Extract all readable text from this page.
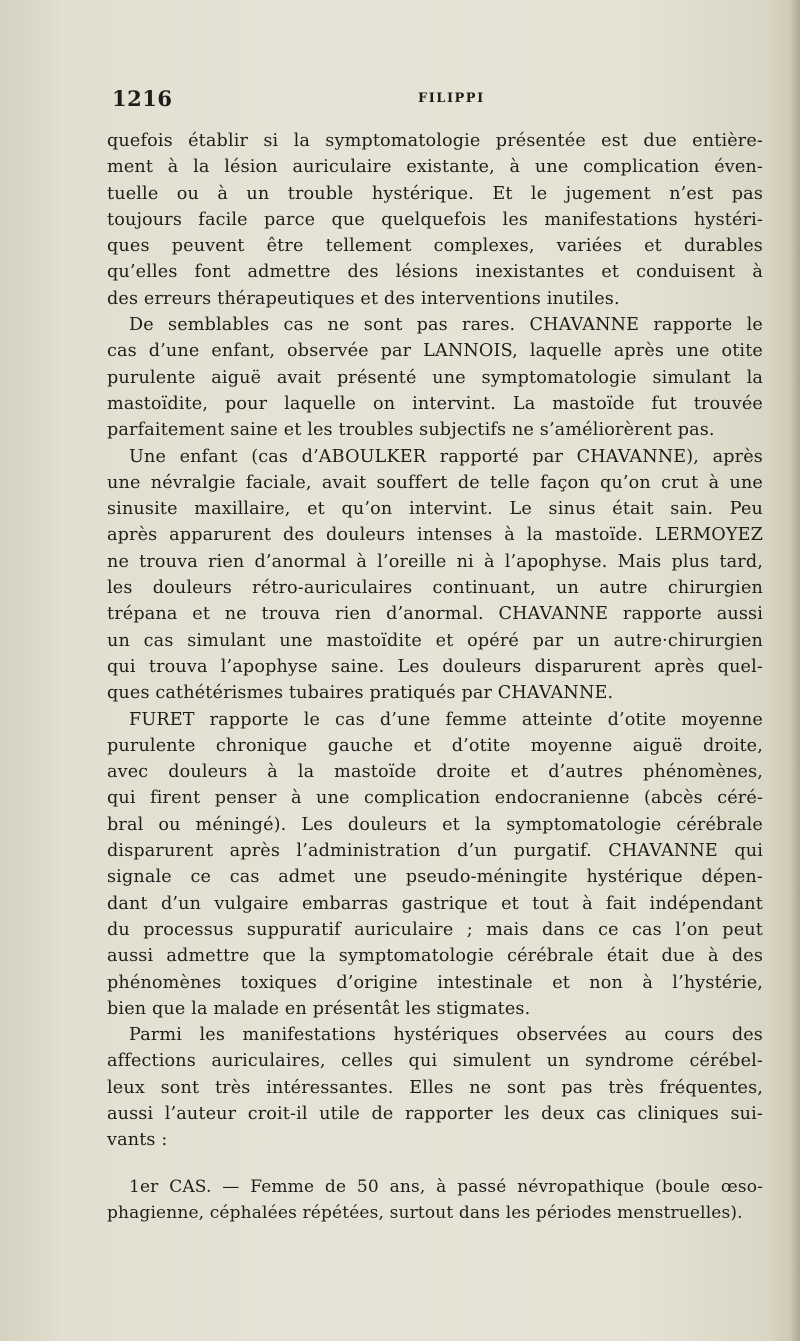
1216	FILIPPI
quefois établir si la symptomatologie présentée est due entière-
ment à la lésion auriculaire existante, à une complication éven-
tuelle ou à un trouble hystérique. Et le jugement n’est pas
toujours facile parce que quelquefois les manifestations hystéri-
ques peuvent être tellement complexes, variées et durables
qu’elles font admettre des lésions inexistantes et conduisent à
des erreurs thérapeutiques et des interventions inutiles.
De semblables cas ne sont pas rares. CHAVANNE rapporte le
cas d’une enfant, observée par LANNOIS, laquelle après une otite
purulente aiguë avait présenté une symptomatologie simulant la
mastoïdite, pour laquelle on intervint. La mastoïde fut trouvée
parfaitement saine et les troubles subjectifs ne s’améliorèrent pas.
Une enfant (cas d’ABOULKER rapporté par CHAVANNE), après
une névralgie faciale, avait souffert de telle façon qu’on crut à une
sinusite maxillaire, et qu’on intervint. Le sinus était sain. Peu
après apparurent des douleurs intenses à la mastoïde. LERMOYEZ
ne trouva rien d’anormal à l’oreille ni à l’apophyse. Mais plus tard,
les douleurs rétro-auriculaires continuant, un autre chirurgien
trépana et ne trouva rien d’anormal. CHAVANNE rapporte aussi
un cas simulant une mastoïdite et opéré par un autre·chirurgien
qui trouva l’apophyse saine. Les douleurs disparurent après quel-
ques cathétérismes tubaires pratiqués par CHAVANNE.
FURET rapporte le cas d’une femme atteinte d’otite moyenne
purulente chronique gauche et d’otite moyenne aiguë droite,
avec douleurs à la mastoïde droite et d’autres phénomènes,
qui firent penser à une complication endocranienne (abcès céré-
bral ou méningé). Les douleurs et la symptomatologie cérébrale
disparurent après l’administration d’un purgatif. CHAVANNE qui
signale ce cas admet une pseudo-méningite hystérique dépen-
dant d’un vulgaire embarras gastrique et tout à fait indépendant
du processus suppuratif auriculaire ; mais dans ce cas l’on peut
aussi admettre que la symptomatologie cérébrale était due à des
phénomènes toxiques d’origine intestinale et non à l’hystérie,
bien que la malade en présentât les stigmates.
Parmi les manifestations hystériques observées au cours des
affections auriculaires, celles qui simulent un syndrome cérébel-
leux sont très intéressantes. Elles ne sont pas très fréquentes,
aussi l’auteur croit-il utile de rapporter les deux cas cliniques sui-
vants :
1er CAS. — Femme de 50 ans, à passé névropathique (boule œso-
phagienne, céphalées répétées, surtout dans les périodes menstruelles).
